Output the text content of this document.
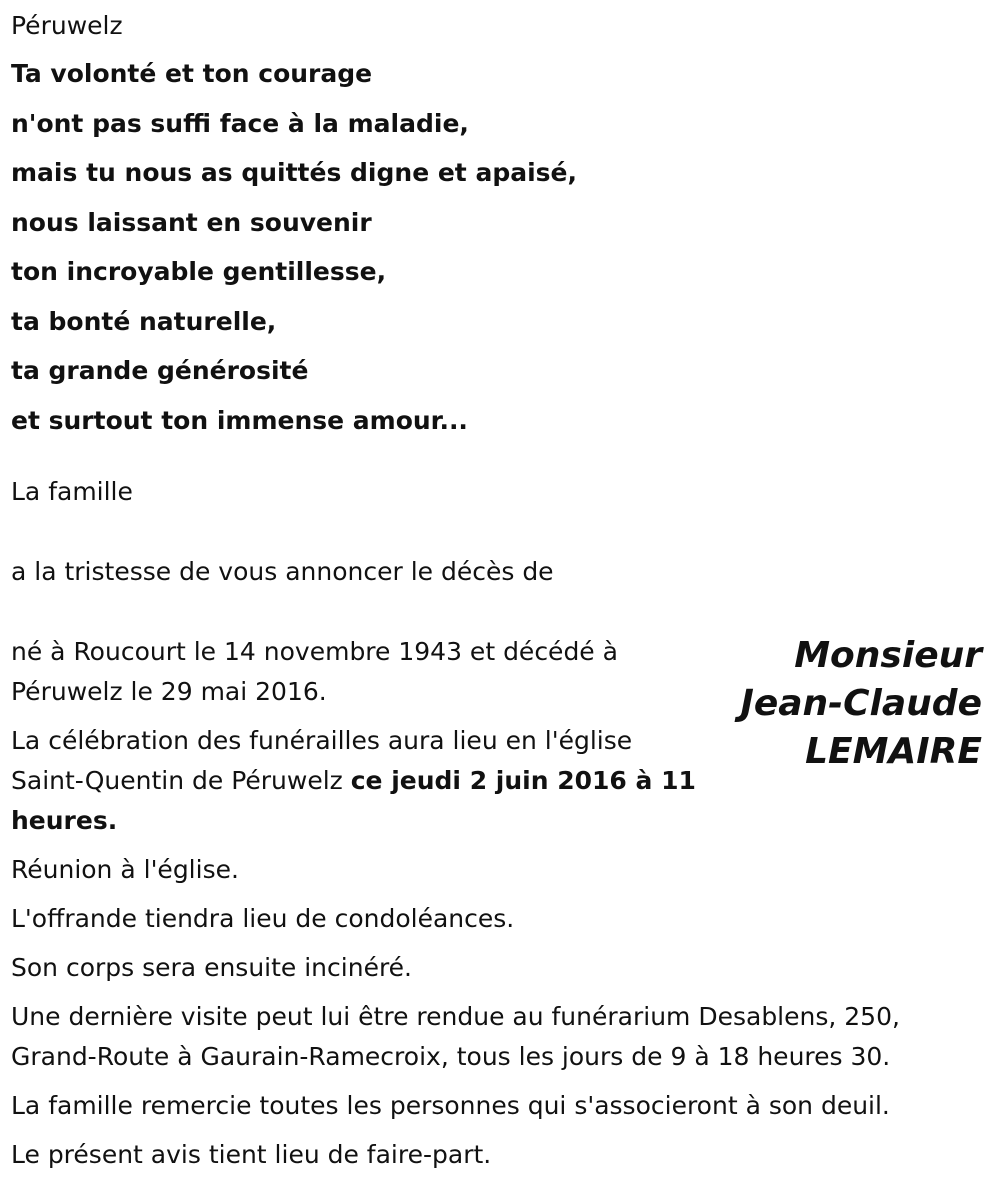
Péruwelz
Ta volonté et ton courage
n'ont pas suffi face à la maladie,
mais tu nous as quittés digne et apaisé,
nous laissant en souvenir
ton incroyable gentillesse,
ta bonté naturelle,
ta grande générosité
et surtout ton immense amour...
La famille
a la tristesse de vous annoncer le décès de
Monsieur
Jean-Claude
LEMAIRE

né à Roucourt le 14 novembre 1943 et décédé à Péruwelz le 29 mai 2016.

La célébration des funérailles aura lieu en l'église Saint-Quentin de Péruwelz ce jeudi 2 juin 2016 à 11 heures.

Réunion à l'église.

L'offrande tiendra lieu de condoléances.

Son corps sera ensuite incinéré.

Une dernière visite peut lui être rendue au funérarium Desablens, 250, Grand-Route à Gaurain-Ramecroix, tous les jours de 9 à 18 heures 30.

La famille remercie toutes les personnes qui s'associeront à son deuil.

Le présent avis tient lieu de faire-part.
